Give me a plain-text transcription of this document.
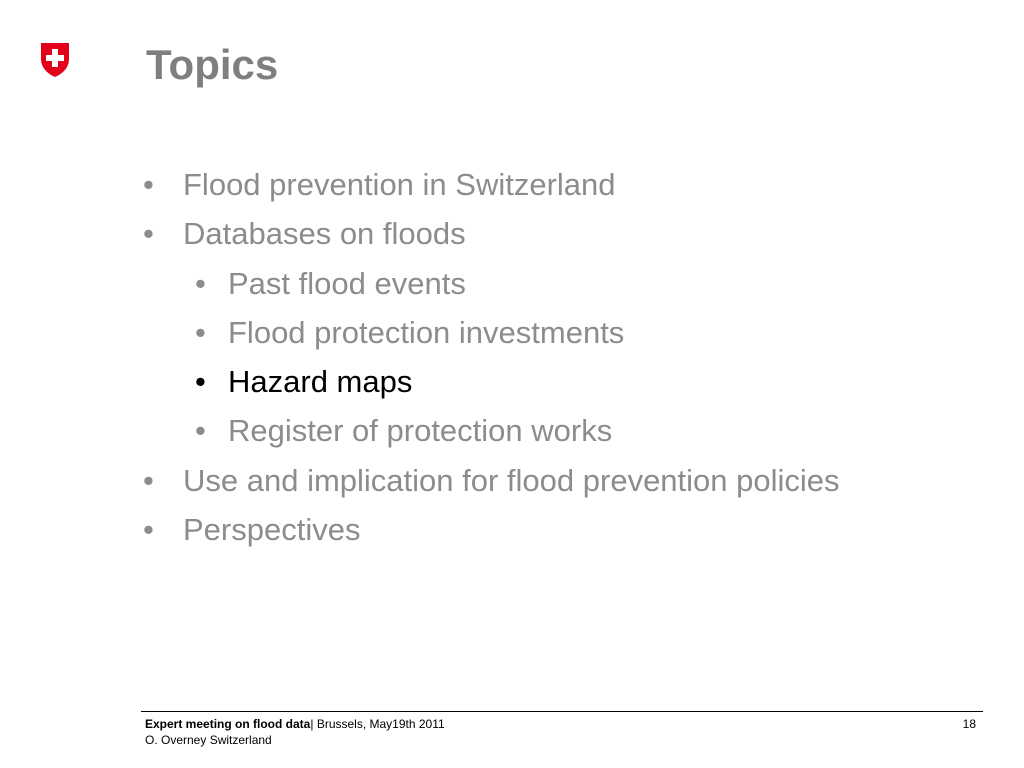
Topics
• Flood prevention in Switzerland
• Databases on floods
• Past flood events
• Flood protection investments
• Hazard maps
• Register of protection works
• Use and implication for flood prevention policies
• Perspectives
Expert meeting on flood data| Brussels, May19th 2011
O. Overney Switzerland
18
